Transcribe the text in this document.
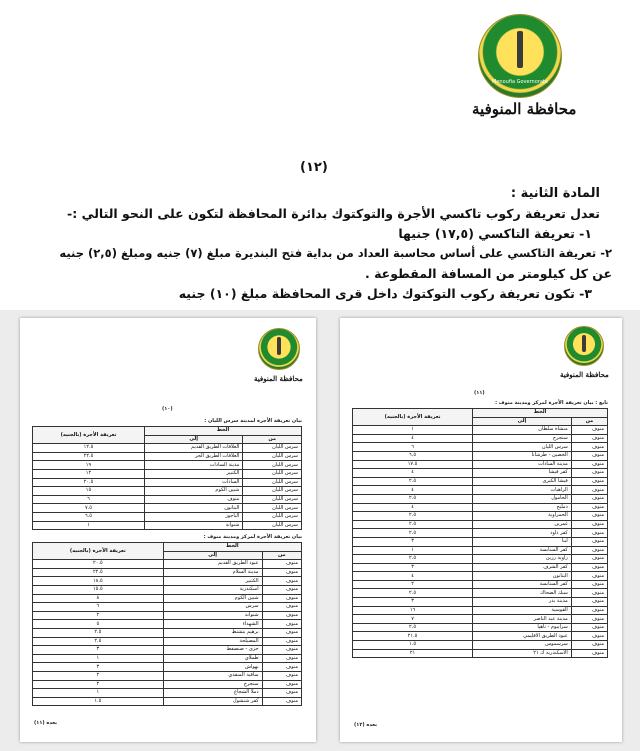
Menoufia Governorate
محافظة المنوفية
(١٢)
المادة الثانية :
تعدل تعريفة ركوب تاكسي الأجرة والتوكتوك بدائرة المحافظة لتكون على النحو التالي :-
١- تعريفة التاكسي (١٧,٥) جنيها
٢- تعريفة التاكسي على أساس محاسبة العداد من بداية فتح البنديرة مبلغ (٧) جنيه ومبلغ (٢,٥) جنيه
عن كل كيلومتر من المسافة المقطوعة .
٣- تكون تعريفة ركوب التوكتوك داخل قرى المحافظة مبلغ (١٠) جنيه
محافظة المنوفية
(١٠)
بيان تعريفة الأجرة لمدينة سرس الليان :
الخط		تعريفة الأجرة (بالجنيه)
من	إلى	
سرس الليان	العلافات الطريق القديم	١٢.٥
سرس الليان	العلافات الطريق الحر	٢٢.٥
سرس الليان	مدينة السادات	١٩
سرس الليان	الكتبير	١٢
سرس الليان	السادات	٢٠.٥
سرس الليان	شبين الكوم	١٥
سرس الليان	منوف	٦
سرس الليان	البتانون	٧.٥
سرس الليان	الباجور	٦.٥
سرس الليان	شنوانة	١
بيان تعريفة الأجرة لمركز ومدينة منوف :
الخط		تعريفة الأجرة (بالجنيه)
من	إلى	
منوف	عبود الطريق القديم	٢٠.٥
منوف	مدينة السلام	٢٢.٥
منوف	الكتبير	١٨.٥
منوف	اسكندرية	١٥.٥
منوف	شبين الكوم	٨
منوف	سرس	٦
منوف	شنوانة	٢
منوف	الشهداء	٥
منوف	برهيم بتشنط	٢.٥
منوف	المصيلحة	٢.٥
منوف	جزى - صنصفط	٣
منوف	طملاي	١
منوف	بهواش	٣
منوف	ساقية المنقدي	٢
منوف	سنجرج	٢
منوف	دملا الشجاع	١
منوف	كفر شنشول	١.٥
بعده (١١)
محافظة المنوفية
(١١)
تابع : بيان تعريفة الأجرة لمركز ومدينة منوف :
الخط		تعريفة الأجرة (بالجنيه)
من	إلى	
منوف	منشأة سلطان	١
منوف	سنجرج	٤
منوف	سرس الليان	٦
منوف	الخصين - طرشانا	٦.٥
منوف	مدينة السادات	١٧.٥
منوف	كفر فيشا	٤
منوف	فيشا الكبرى	٢.٥
منوف	الراهبات	٤
منوف	الحامول	٢.٥
منوف	دمليج	٤
منوف	الحمراوية	٢.٥
منوف	غمرين	٢.٥
منوف	كفر داود	٢.٥
منوف	لبنا	٣
منوف	كفر السنابسة	١
منوف	زاوية رزين	٢.٥
منوف	كفر الشرف	٣
منوف	البتانون	٤
منوف	كفر السنابسة	٢
منوف	سبك الضحاك	٢.٥
منوف	مدينة بدر	٣
منوف	القوسية	١٦
منوف	مدينة عبد الناصر	٧
منوف	سرابيوم - ناهيا	٢.٥
منوف	عبود الطريق الاقليمي	٢١.٥
منوف	سرسموس	١.٥
منوف	الاسكندرية ك ٢١	٢١
بعده (١٢)
